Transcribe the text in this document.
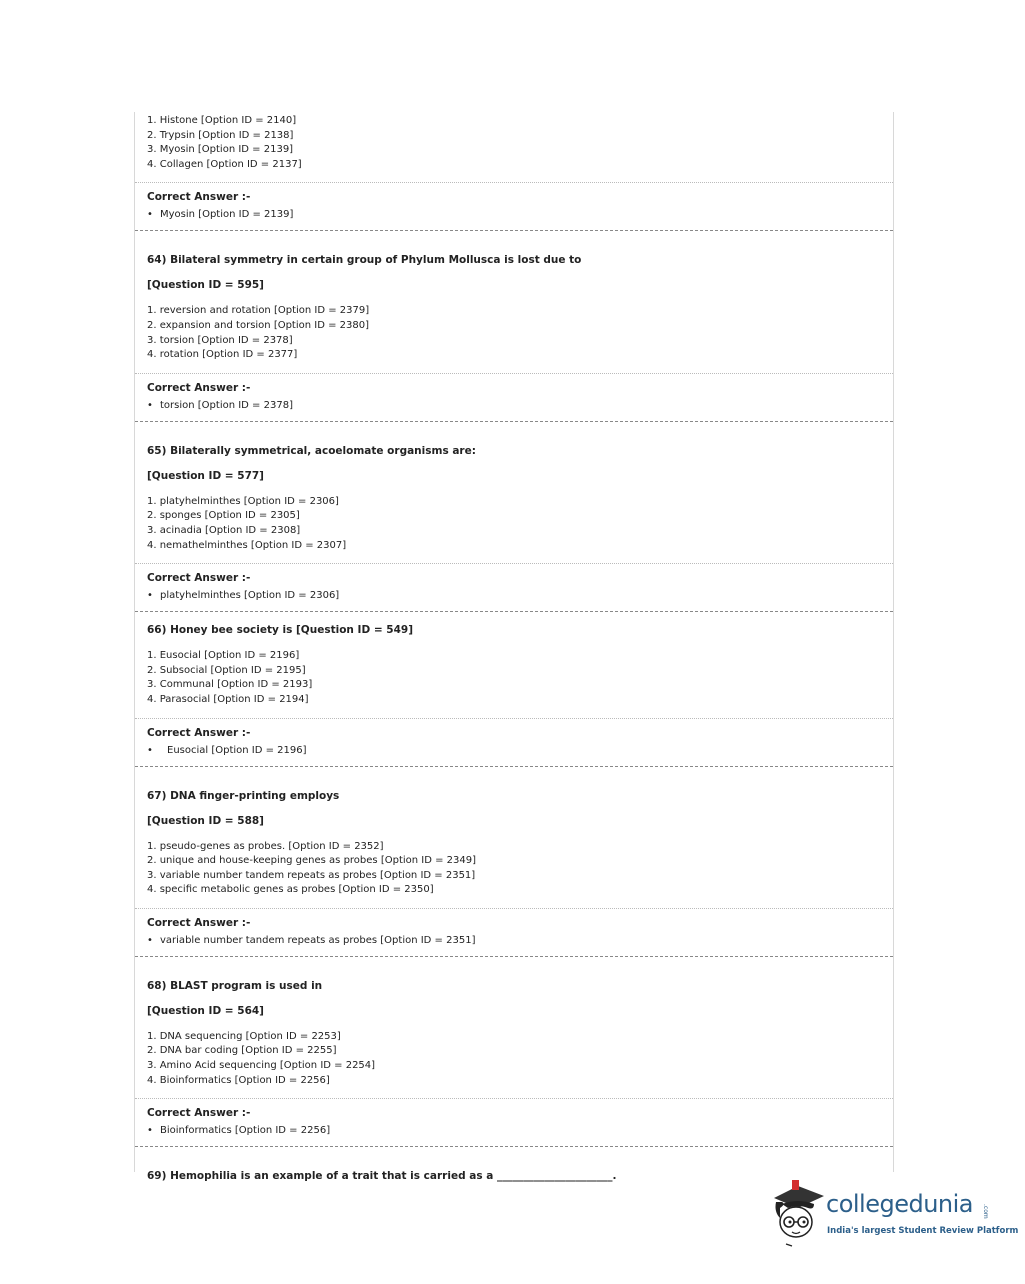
1. Histone [Option ID = 2140]

2. Trypsin [Option ID = 2138]

3. Myosin [Option ID = 2139]

4. Collagen [Option ID = 2137]

Correct Answer :-

• Myosin [Option ID = 2139]

64) Bilateral symmetry in certain group of Phylum Mollusca is lost due to

[Question ID = 595]

1. reversion and rotation [Option ID = 2379]

2. expansion and torsion [Option ID = 2380]

3. torsion [Option ID = 2378]

4. rotation [Option ID = 2377]

Correct Answer :-

• torsion [Option ID = 2378]

65) Bilaterally symmetrical, acoelomate organisms are:

[Question ID = 577]

1. platyhelminthes [Option ID = 2306]

2. sponges [Option ID = 2305]

3. acinadia [Option ID = 2308]

4. nemathelminthes [Option ID = 2307]

Correct Answer :-

• platyhelminthes [Option ID = 2306]

66) Honey bee society is [Question ID = 549]

1. Eusocial [Option ID = 2196]

2. Subsocial [Option ID = 2195]

3. Communal [Option ID = 2193]

4. Parasocial [Option ID = 2194]

Correct Answer :-

• Eusocial [Option ID = 2196]

67) DNA finger-printing employs

[Question ID = 588]

1. pseudo-genes as probes. [Option ID = 2352]

2. unique and house-keeping genes as probes [Option ID = 2349]

3. variable number tandem repeats as probes [Option ID = 2351]

4. specific metabolic genes as probes [Option ID = 2350]

Correct Answer :-

• variable number tandem repeats as probes [Option ID = 2351]

68) BLAST program is used in

[Question ID = 564]

1. DNA sequencing [Option ID = 2253]

2. DNA bar coding [Option ID = 2255]

3. Amino Acid sequencing [Option ID = 2254]

4. Bioinformatics [Option ID = 2256]

Correct Answer :-

• Bioinformatics [Option ID = 2256]

69) Hemophilia is an example of a trait that is carried as a ______________________.

collegedunia .com
India's largest Student Review Platform
